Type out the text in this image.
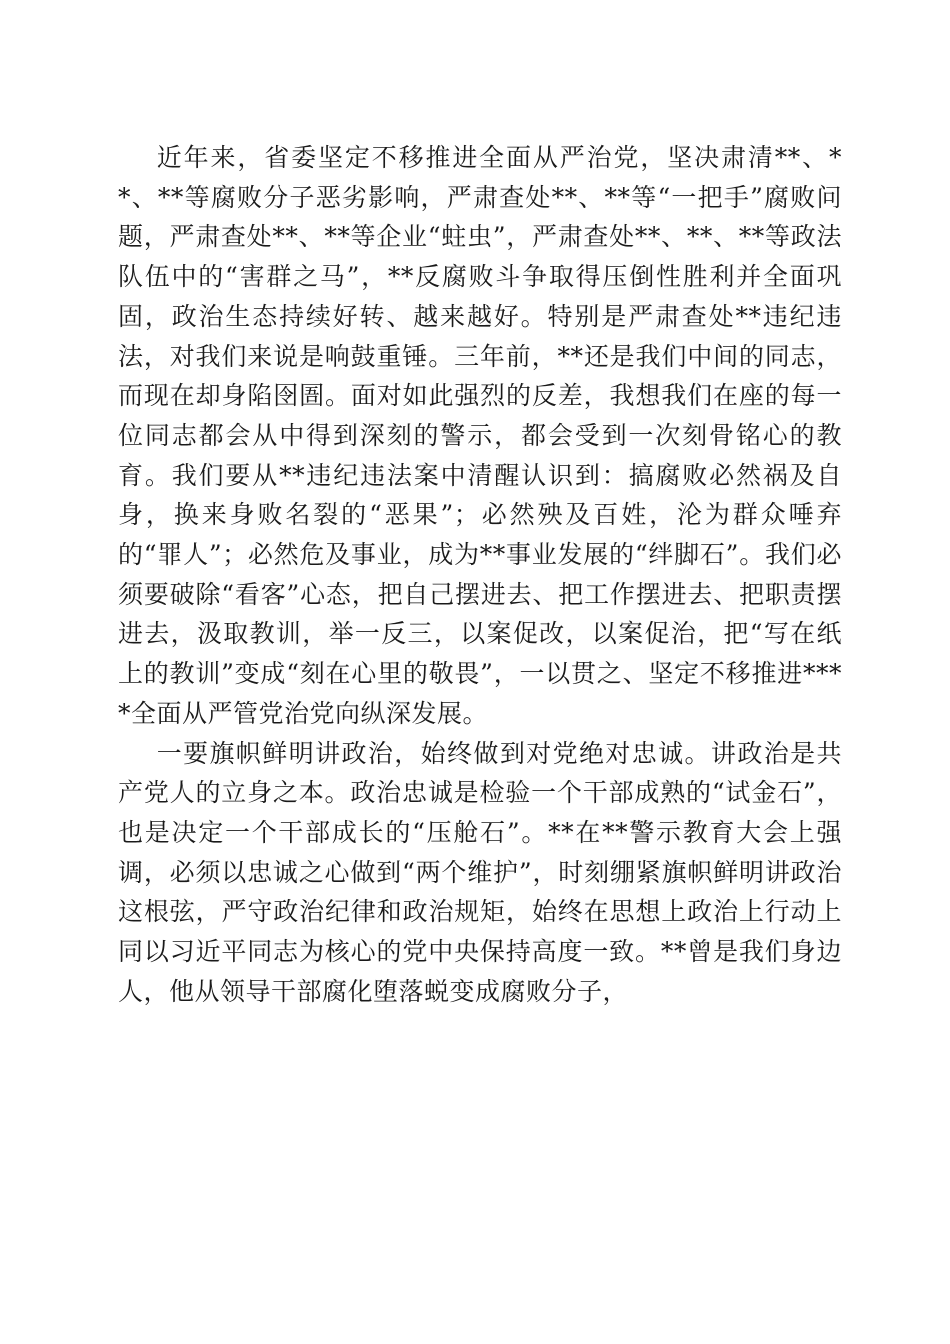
近年来，省委坚定不移推进全面从严治党，坚决肃清**、**、**等腐败分子恶劣影响，严肃查处**、**等“一把手”腐败问题，严肃查处**、**等企业“蛀虫”，严肃查处**、**、**等政法队伍中的“害群之马”，**反腐败斗争取得压倒性胜利并全面巩固，政治生态持续好转、越来越好。特别是严肃查处**违纪违法，对我们来说是响鼓重锤。三年前，**还是我们中间的同志，而现在却身陷囹圄。面对如此强烈的反差，我想我们在座的每一位同志都会从中得到深刻的警示，都会受到一次刻骨铭心的教育。我们要从**违纪违法案中清醒认识到：搞腐败必然祸及自身，换来身败名裂的“恶果”；必然殃及百姓，沦为群众唾弃的“罪人”；必然危及事业，成为**事业发展的“绊脚石”。我们必须要破除“看客”心态，把自己摆进去、把工作摆进去、把职责摆进去，汲取教训，举一反三，以案促改，以案促治，把“写在纸上的教训”变成“刻在心里的敬畏”，一以贯之、坚定不移推进****全面从严管党治党向纵深发展。

一要旗帜鲜明讲政治，始终做到对党绝对忠诚。讲政治是共产党人的立身之本。政治忠诚是检验一个干部成熟的“试金石”，也是决定一个干部成长的“压舱石”。**在**警示教育大会上强调，必须以忠诚之心做到“两个维护”，时刻绷紧旗帜鲜明讲政治这根弦，严守政治纪律和政治规矩，始终在思想上政治上行动上同以习近平同志为核心的党中央保持高度一致。**曾是我们身边人，他从领导干部腐化堕落蜕变成腐败分子，
